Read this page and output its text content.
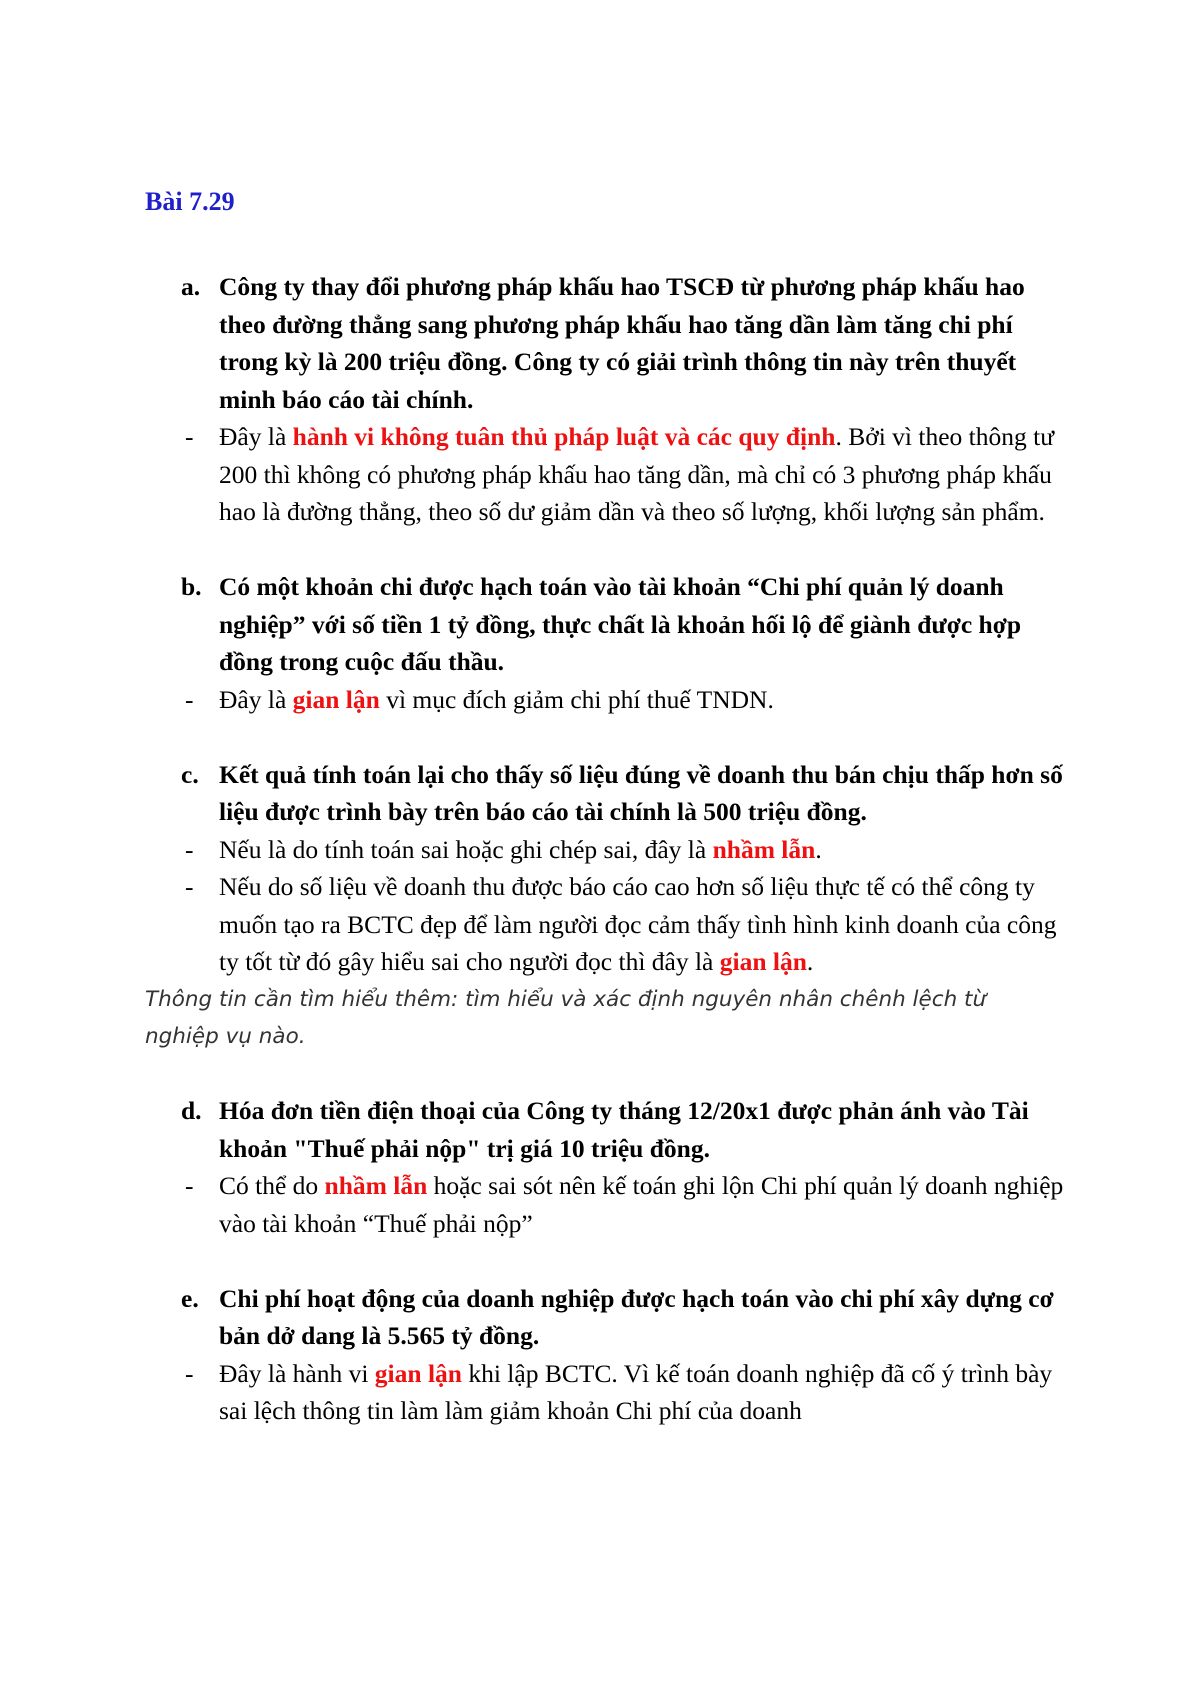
Bài 7.29
a. Công ty thay đổi phương pháp khấu hao TSCĐ từ phương pháp khấu hao theo đường thẳng sang phương pháp khấu hao tăng dần làm tăng chi phí trong kỳ là 200 triệu đồng. Công ty có giải trình thông tin này trên thuyết minh báo cáo tài chính.
- Đây là hành vi không tuân thủ pháp luật và các quy định. Bởi vì theo thông tư 200 thì không có phương pháp khấu hao tăng dần, mà chỉ có 3 phương pháp khấu hao là đường thẳng, theo số dư giảm dần và theo số lượng, khối lượng sản phẩm.
b. Có một khoản chi được hạch toán vào tài khoản “Chi phí quản lý doanh nghiệp” với số tiền 1 tỷ đồng, thực chất là khoản hối lộ để giành được hợp đồng trong cuộc đấu thầu.
- Đây là gian lận vì mục đích giảm chi phí thuế TNDN.
c. Kết quả tính toán lại cho thấy số liệu đúng về doanh thu bán chịu thấp hơn số liệu được trình bày trên báo cáo tài chính là 500 triệu đồng.
- Nếu là do tính toán sai hoặc ghi chép sai, đây là nhầm lẫn.
- Nếu do số liệu về doanh thu được báo cáo cao hơn số liệu thực tế có thể công ty muốn tạo ra BCTC đẹp để làm người đọc cảm thấy tình hình kinh doanh của công ty tốt từ đó gây hiểu sai cho người đọc thì đây là gian lận.
Thông tin cần tìm hiểu thêm: tìm hiểu và xác định nguyên nhân chênh lệch từ nghiệp vụ nào.
d. Hóa đơn tiền điện thoại của Công ty tháng 12/20x1 được phản ánh vào Tài khoản "Thuế phải nộp" trị giá 10 triệu đồng.
- Có thể do nhầm lẫn hoặc sai sót nên kế toán ghi lộn Chi phí quản lý doanh nghiệp vào tài khoản “Thuế phải nộp”
e. Chi phí hoạt động của doanh nghiệp được hạch toán vào chi phí xây dựng cơ bản dở dang là 5.565 tỷ đồng.
- Đây là hành vi gian lận khi lập BCTC. Vì kế toán doanh nghiệp đã cố ý trình bày sai lệch thông tin làm làm giảm khoản Chi phí của doanh
